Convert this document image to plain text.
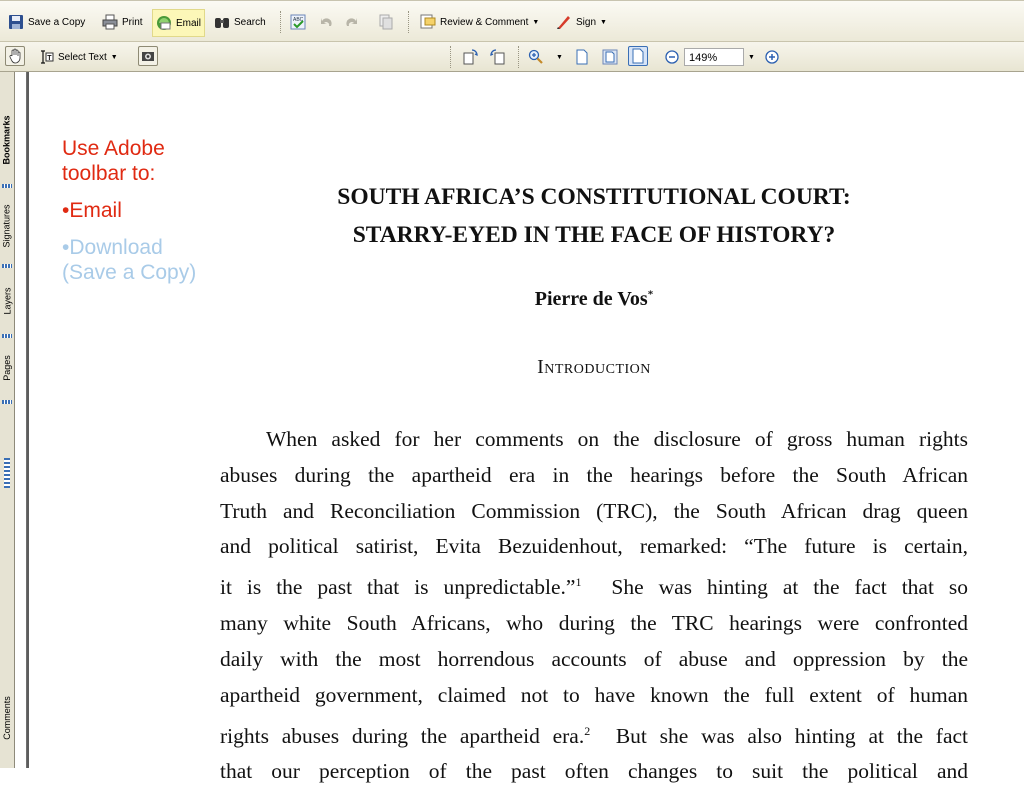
Save a Copy	Print	Email	Search	ABC	Review & Comment ▼	Sign ▼
T Select Text ▼	▼	149%	▼
Bookmarks
Signatures
Layers
Pages
Comments
Use Adobe toolbar to:
•Email
•Download (Save a Copy)
SOUTH AFRICA’S CONSTITUTIONAL COURT:
STARRY-EYED IN THE FACE OF HISTORY?
Pierre de Vos*
Introduction
When asked for her comments on the disclosure of gross human rights
abuses during the apartheid era in the hearings before the South African
Truth and Reconciliation Commission (TRC), the South African drag queen
and political satirist, Evita Bezuidenhout, remarked: “The future is certain,
it is the past that is unpredictable.”$^1$ She was hinting at the fact that so
many white South Africans, who during the TRC hearings were confronted
daily with the most horrendous accounts of abuse and oppression by the
apartheid government, claimed not to have known the full extent of human
rights abuses during the apartheid era.$^2$ But she was also hinting at the fact
that our perception of the past often changes to suit the political and
